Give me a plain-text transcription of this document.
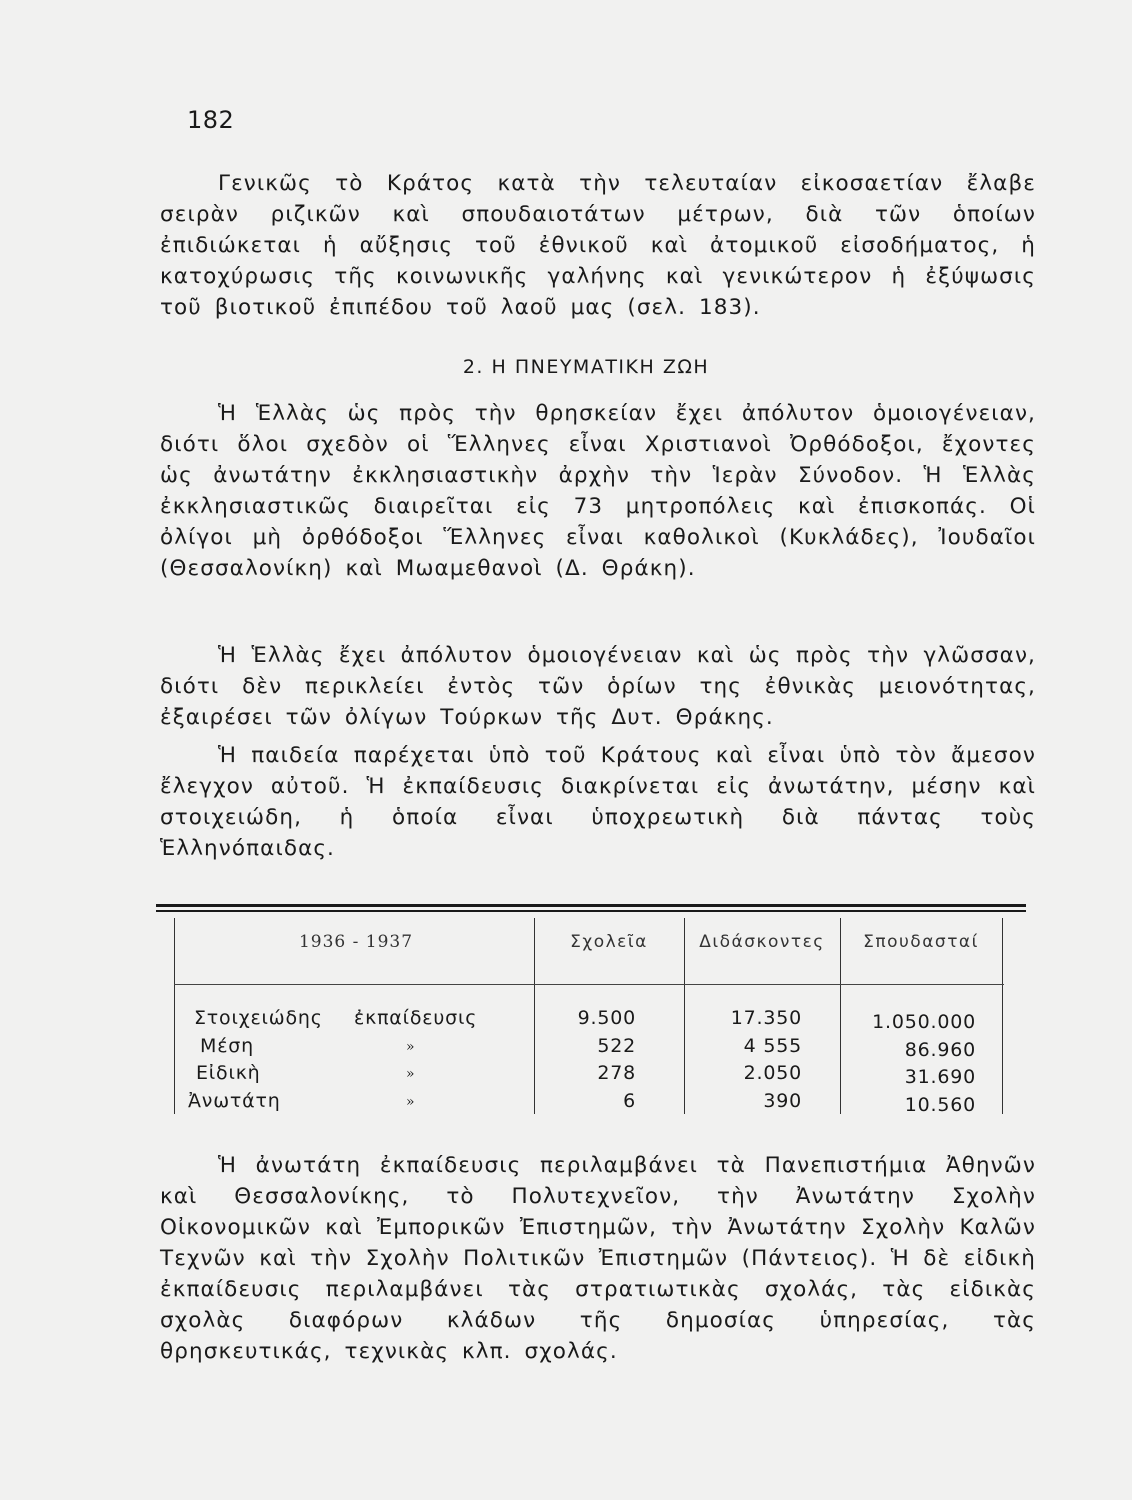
182

Γενικῶς τὸ Κράτος κατὰ τὴν τελευταίαν εἰκοσαετίαν ἔλαβε σειρὰν ριζικῶν καὶ σπουδαιοτάτων μέτρων, διὰ τῶν ὁποίων ἐπιδιώκεται ἡ αὔξησις τοῦ ἐθνικοῦ καὶ ἀτομικοῦ εἰσοδήματος, ἡ κατοχύρωσις τῆς κοινωνικῆς γαλήνης καὶ γενικώτερον ἡ ἐξύψωσις τοῦ βιοτικοῦ ἐπιπέδου τοῦ λαοῦ μας (σελ. 183).

2. Η ΠΝΕΥΜΑΤΙΚΗ ΖΩΗ

Ἡ Ἑλλὰς ὡς πρὸς τὴν θρησκείαν ἔχει ἀπόλυτον ὁμοιογένειαν, διότι ὅλοι σχεδὸν οἱ Ἕλληνες εἶναι Χριστιανοὶ Ὀρθόδοξοι, ἔχοντες ὡς ἀνωτάτην ἐκκλησιαστικὴν ἀρχὴν τὴν Ἱερὰν Σύνοδον. Ἡ Ἑλλὰς ἐκκλησιαστικῶς διαιρεῖται εἰς 73 μητροπόλεις καὶ ἐπισκοπάς. Οἱ ὀλίγοι μὴ ὀρθόδοξοι Ἕλληνες εἶναι καθολικοὶ (Κυκλάδες), Ἰουδαῖοι (Θεσσαλονίκη) καὶ Μωαμεθανοὶ (Δ. Θράκη).

Ἡ Ἑλλὰς ἔχει ἀπόλυτον ὁμοιογένειαν καὶ ὡς πρὸς τὴν γλῶσσαν, διότι δὲν περικλείει ἐντὸς τῶν ὁρίων της ἐθνικὰς μειονότητας, ἐξαιρέσει τῶν ὀλίγων Τούρκων τῆς Δυτ. Θράκης.

Ἡ παιδεία παρέχεται ὑπὸ τοῦ Κράτους καὶ εἶναι ὑπὸ τὸν ἄμεσον ἔλεγχον αὐτοῦ. Ἡ ἐκπαίδευσις διακρίνεται εἰς ἀνωτάτην, μέσην καὶ στοιχειώδη, ἡ ὁποία εἶναι ὑποχρεωτικὴ διὰ πάντας τοὺς Ἑλληνόπαιδας.

1936 - 1937	Σχολεῖα	Διδάσκοντες	Σπουδασταί
Στοιχειώδης ἐκπαίδευσις	9.500	17.350	1.050.000
Μέση	»	522	4 555	86.960
Εἰδικὴ	»	278	2.050	31.690
Ἀνωτάτη	»	6	390	10.560

Ἡ ἀνωτάτη ἐκπαίδευσις περιλαμβάνει τὰ Πανεπιστήμια Ἀθηνῶν καὶ Θεσσαλονίκης, τὸ Πολυτεχνεῖον, τὴν Ἀνωτάτην Σχολὴν Οἰκονομικῶν καὶ Ἐμπορικῶν Ἐπιστημῶν, τὴν Ἀνωτάτην Σχολὴν Καλῶν Τεχνῶν καὶ τὴν Σχολὴν Πολιτικῶν Ἐπιστημῶν (Πάντειος). Ἡ δὲ εἰδικὴ ἐκπαίδευσις περιλαμβάνει τὰς στρατιωτικὰς σχολάς, τὰς εἰδικὰς σχολὰς διαφόρων κλάδων τῆς δημοσίας ὑπηρεσίας, τὰς θρησκευτικάς, τεχνικὰς κλπ. σχολάς.
